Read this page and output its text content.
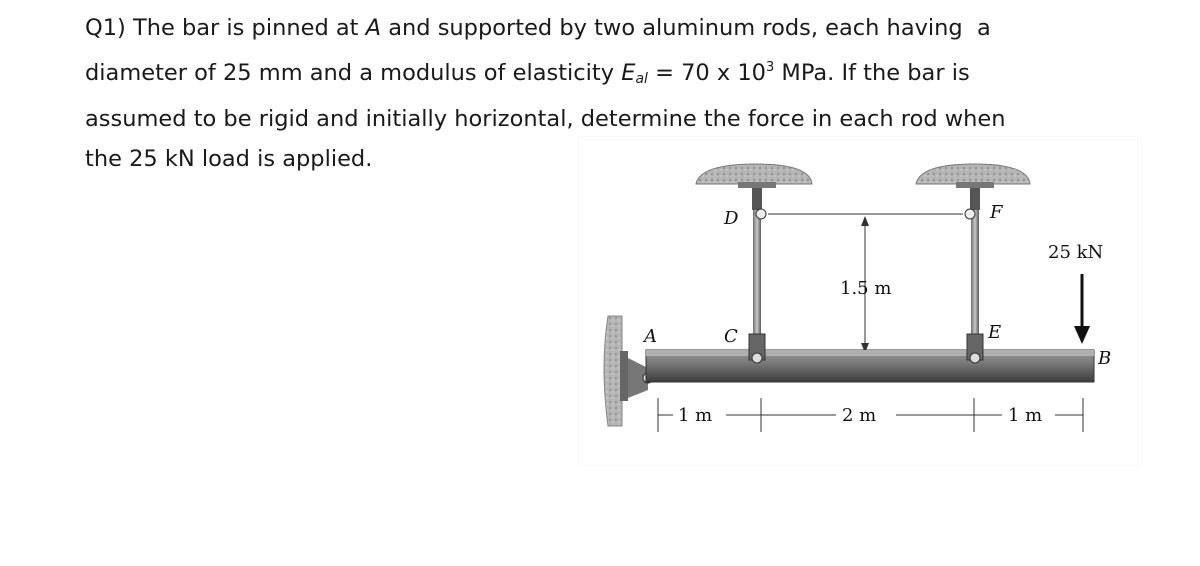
Q1) The bar is pinned at A and supported by two aluminum rods, each having  a
diameter of 25 mm and a modulus of elasticity Eal = 70 x $10^3$ MPa. If the bar is
assumed to be rigid and initially horizontal, determine the force in each rod when
the 25 kN load is applied.
D	F
A	C	E
B
25 kN
1.5 m
1 m	2 m	1 m
